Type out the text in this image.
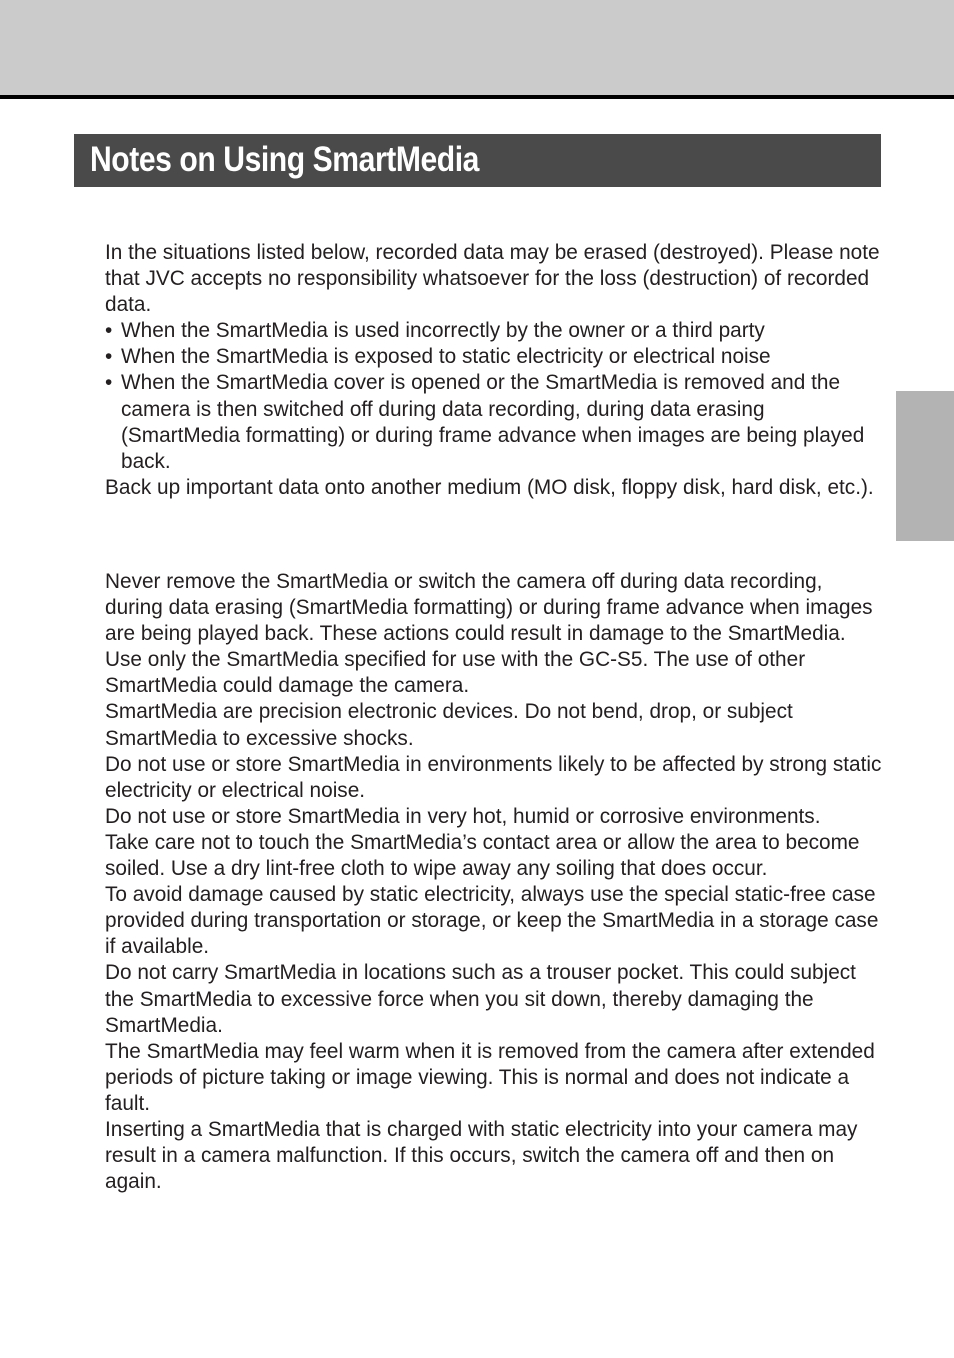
Notes on Using SmartMedia

In the situations listed below, recorded data may be erased (destroyed). Please note that JVC accepts no responsibility whatsoever for the loss (destruction) of recorded data.

• When the SmartMedia is used incorrectly by the owner or a third party

• When the SmartMedia is exposed to static electricity or electrical noise

• When the SmartMedia cover is opened or the SmartMedia is removed and the camera is then switched off during data recording, during data erasing (SmartMedia formatting) or during frame advance when images are being played back.

Back up important data onto another medium (MO disk, floppy disk, hard disk, etc.).

Never remove the SmartMedia or switch the camera off during data recording, during data erasing (SmartMedia formatting) or during frame advance when images are being played back. These actions could result in damage to the SmartMedia.

Use only the SmartMedia specified for use with the GC-S5. The use of other SmartMedia could damage the camera.

SmartMedia are precision electronic devices. Do not bend, drop, or subject SmartMedia to excessive shocks.

Do not use or store SmartMedia in environments likely to be affected by strong static electricity or electrical noise.

Do not use or store SmartMedia in very hot, humid or corrosive environments.

Take care not to touch the SmartMedia’s contact area or allow the area to become soiled. Use a dry lint-free cloth to wipe away any soiling that does occur.

To avoid damage caused by static electricity, always use the special static-free case provided during transportation or storage, or keep the SmartMedia in a storage case if available.

Do not carry SmartMedia in locations such as a trouser pocket. This could subject the SmartMedia to excessive force when you sit down, thereby damaging the SmartMedia.

The SmartMedia may feel warm when it is removed from the camera after extended periods of picture taking or image viewing. This is normal and does not indicate a fault.

Inserting a SmartMedia that is charged with static electricity into your camera may result in a camera malfunction. If this occurs, switch the camera off and then on again.
